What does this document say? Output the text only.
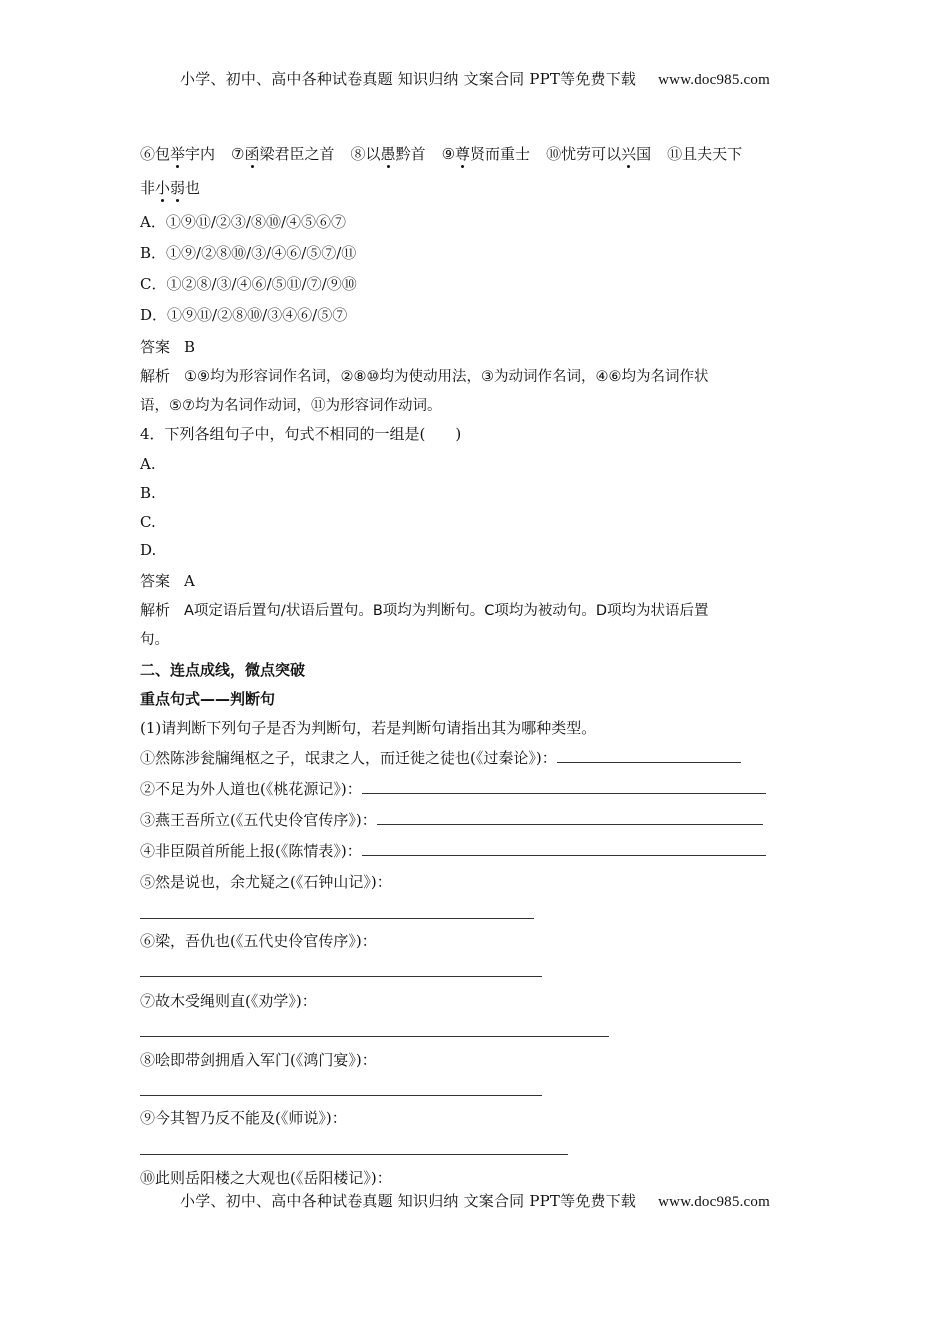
小学、初中、高中各种试卷真题 知识归纳 文案合同 PPT等免费下载 www.doc985.com
⑥包举宇内 ⑦函梁君臣之首 ⑧以愚黔首 ⑨尊贤而重士 ⑩忧劳可以兴国 ⑪且夫天下
非小弱也
A．①⑨⑪/②③/⑧⑩/④⑤⑥⑦
B．①⑨/②⑧⑩/③/④⑥/⑤⑦/⑪
C．①②⑧/③/④⑥/⑤⑪/⑦/⑨⑩
D．①⑨⑪/②⑧⑩/③④⑥/⑤⑦
答案 B
解析 ①⑨均为形容词作名词，②⑧⑩均为使动用法，③为动词作名词，④⑥均为名词作状
语，⑤⑦均为名词作动词，⑪为形容词作动词。
4．下列各组句子中，句式不相同的一组是(　　)
A.
B.
C.
D.
答案 A
解析 A项定语后置句/状语后置句。B项均为判断句。C项均为被动句。D项均为状语后置
句。
二、连点成线，微点突破
重点句式——判断句
(1)请判断下列句子是否为判断句，若是判断句请指出其为哪种类型。
①然陈涉瓮牖绳枢之子，氓隶之人，而迁徙之徒也(《过秦论》)：
②不足为外人道也(《桃花源记》)：
③燕王吾所立(《五代史伶官传序》)：
④非臣陨首所能上报(《陈情表》)：
⑤然是说也，余尤疑之(《石钟山记》)：
⑥梁，吾仇也(《五代史伶官传序》)：
⑦故木受绳则直(《劝学》)：
⑧哙即带剑拥盾入军门(《鸿门宴》)：
⑨今其智乃反不能及(《师说》)：
⑩此则岳阳楼之大观也(《岳阳楼记》)：
小学、初中、高中各种试卷真题 知识归纳 文案合同 PPT等免费下载 www.doc985.com
